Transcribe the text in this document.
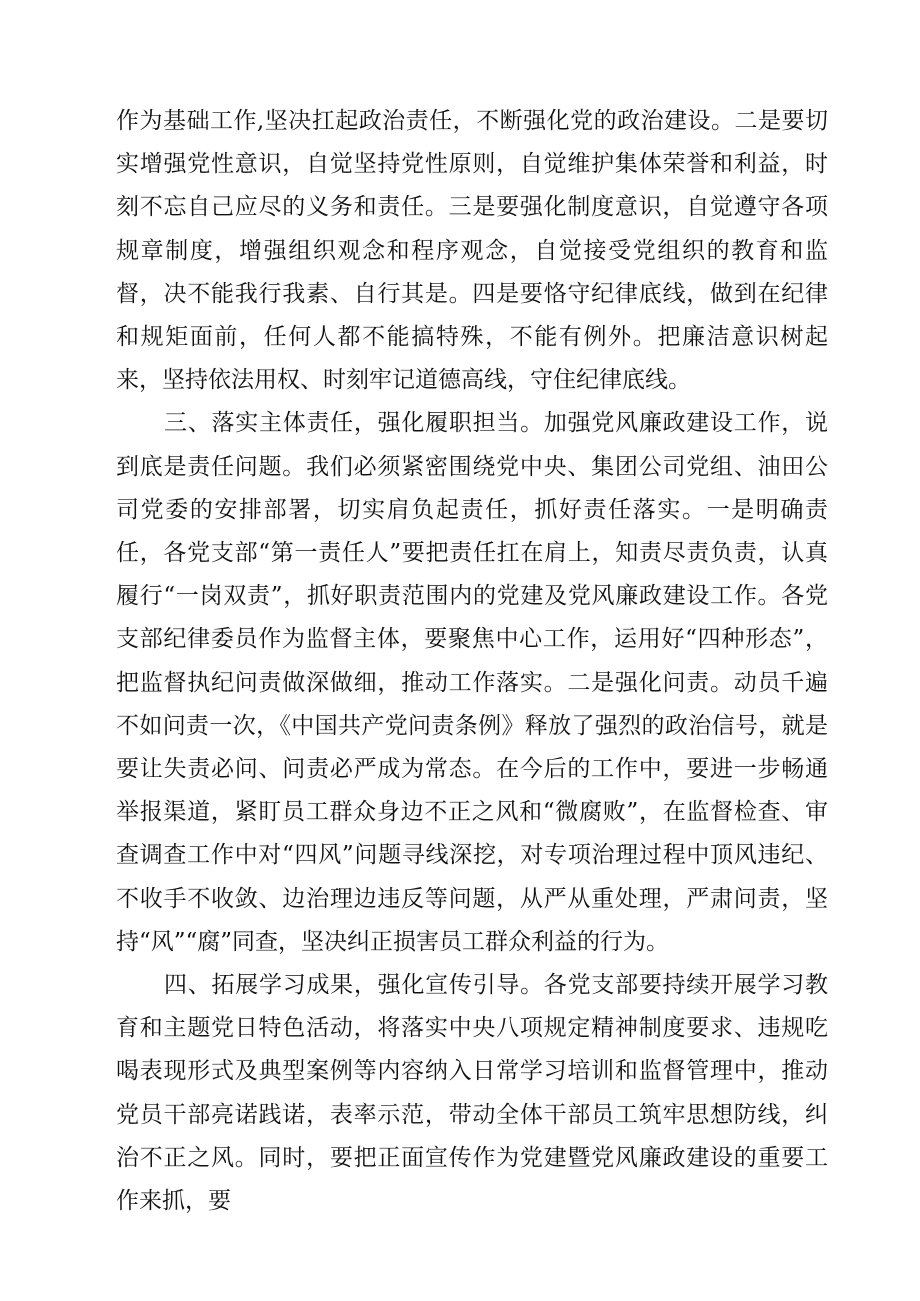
作为基础工作,坚决扛起政治责任，不断强化党的政治建设。二是要切实增强党性意识，自觉坚持党性原则，自觉维护集体荣誉和利益，时刻不忘自己应尽的义务和责任。三是要强化制度意识，自觉遵守各项规章制度，增强组织观念和程序观念，自觉接受党组织的教育和监督，决不能我行我素、自行其是。四是要恪守纪律底线，做到在纪律和规矩面前，任何人都不能搞特殊，不能有例外。把廉洁意识树起来，坚持依法用权、时刻牢记道德高线，守住纪律底线。

三、落实主体责任，强化履职担当。加强党风廉政建设工作，说到底是责任问题。我们必须紧密围绕党中央、集团公司党组、油田公司党委的安排部署，切实肩负起责任，抓好责任落实。一是明确责任，各党支部“第一责任人”要把责任扛在肩上，知责尽责负责，认真履行“一岗双责”，抓好职责范围内的党建及党风廉政建设工作。各党支部纪律委员作为监督主体，要聚焦中心工作，运用好“四种形态”，把监督执纪问责做深做细，推动工作落实。二是强化问责。动员千遍不如问责一次，《中国共产党问责条例》释放了强烈的政治信号，就是要让失责必问、问责必严成为常态。在今后的工作中，要进一步畅通举报渠道，紧盯员工群众身边不正之风和“微腐败”，在监督检查、审查调查工作中对“四风”问题寻线深挖，对专项治理过程中顶风违纪、不收手不收敛、边治理边违反等问题，从严从重处理，严肃问责，坚持“风”“腐”同查，坚决纠正损害员工群众利益的行为。

四、拓展学习成果，强化宣传引导。各党支部要持续开展学习教育和主题党日特色活动，将落实中央八项规定精神制度要求、违规吃喝表现形式及典型案例等内容纳入日常学习培训和监督管理中，推动党员干部亮诺践诺，表率示范，带动全体干部员工筑牢思想防线，纠治不正之风。同时，要把正面宣传作为党建暨党风廉政建设的重要工作来抓，要
